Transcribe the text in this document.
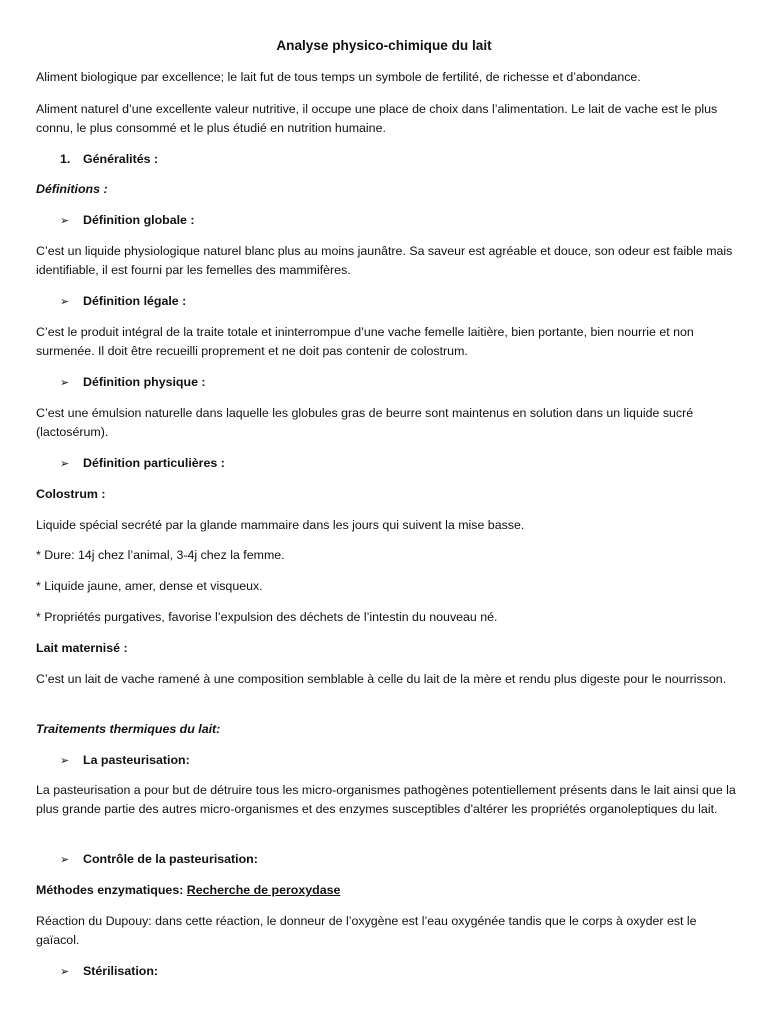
Analyse physico-chimique du lait

Aliment biologique par excellence; le lait fut de tous temps un symbole de fertilité, de richesse et d’abondance.

Aliment naturel d’une excellente valeur nutritive, il occupe une place de choix dans l’alimentation. Le lait de vache est le plus connu, le plus consommé et le plus étudié en nutrition humaine.

1. Généralités :
Définitions :
➢ Définition globale :

C’est un liquide physiologique naturel blanc plus au moins jaunâtre. Sa saveur est agréable et douce, son odeur est faible mais identifiable, il est fourni par les femelles des mammifères.

➢ Définition légale :

C’est le produit intégral de la traite totale et ininterrompue d’une vache femelle laitière, bien portante, bien nourrie et non surmenée. Il doit être recueilli proprement et ne doit pas contenir de colostrum.

➢ Définition physique :

C’est une émulsion naturelle dans laquelle les globules gras de beurre sont maintenus en solution dans un liquide sucré (lactosérum).

➢ Définition particulières :
Colostrum :

Liquide spécial secrété par la glande mammaire dans les jours qui suivent la mise basse.

* Dure: 14j chez l’animal, 3-4j chez la femme.

* Liquide jaune, amer, dense et visqueux.

* Propriétés purgatives, favorise l’expulsion des déchets de l’intestin du nouveau né.

Lait maternisé :

C’est un lait de vache ramené à une composition semblable à celle du lait de la mère et rendu plus digeste pour le nourrisson.

Traitements thermiques du lait:
➢ La pasteurisation:

La pasteurisation a pour but de détruire tous les micro-organismes pathogènes potentiellement présents dans le lait ainsi que la plus grande partie des autres micro-organismes et des enzymes susceptibles d'altérer les propriétés organoleptiques du lait.

➢ Contrôle de la pasteurisation:
Méthodes enzymatiques: Recherche de peroxydase

Réaction du Dupouy: dans cette réaction, le donneur de l’oxygène est l’eau oxygénée tandis que le corps à oxyder est le gaïacol.

➢ Stérilisation:
